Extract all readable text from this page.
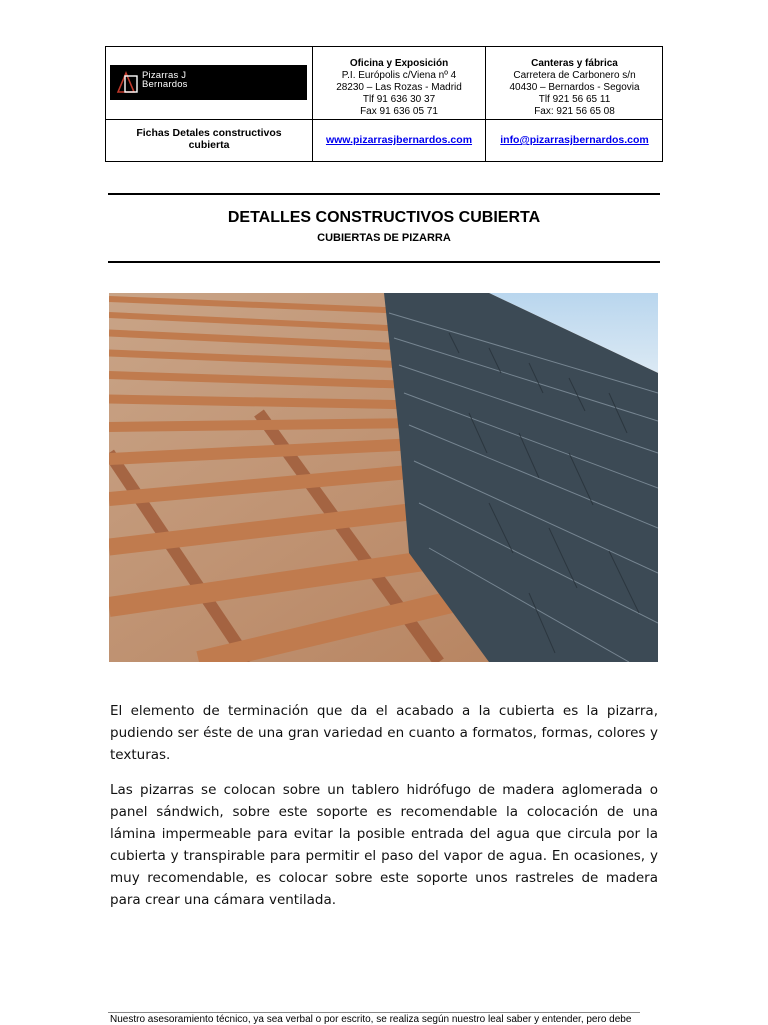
Pizarras J
Bernardos
Oficina y Exposición
P.I. Európolis c/Viena nº 4
28230 – Las Rozas - Madrid
Tlf 91 636 30 37
Fax 91 636 05 71
Canteras y fábrica
Carretera de Carbonero s/n
40430 – Bernardos - Segovia
Tlf 921 56 65 11
Fax: 921 56 65 08
Fichas Detales constructivos
cubierta	www.pizarrasjbernardos.com	info@pizarrasjbernardos.com
DETALLES CONSTRUCTIVOS CUBIERTA
CUBIERTAS DE PIZARRA
El elemento de terminación que da el acabado a la cubierta es la pizarra, pudiendo ser éste de una gran variedad en cuanto a formatos, formas, colores y texturas.
Las pizarras se colocan sobre un tablero hidrófugo de madera aglomerada o panel sándwich, sobre este soporte es recomendable la colocación de una lámina impermeable para evitar la posible entrada del agua que circula por la cubierta y transpirable para permitir el paso del vapor de agua. En ocasiones, y muy recomendable, es colocar sobre este soporte unos rastreles de madera para crear una cámara ventilada.
Nuestro asesoramiento técnico, ya sea verbal o por escrito, se realiza según nuestro leal saber y entender, pero debe
